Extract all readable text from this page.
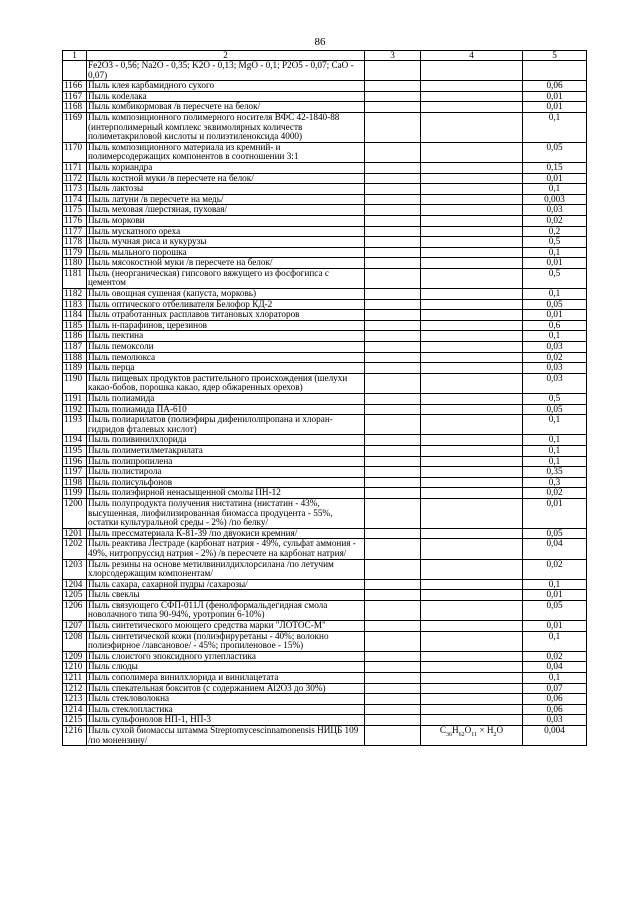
86
1	2	3	4	5
	Fe2O3 - 0,56; Na2O - 0,35; K2O - 0,13; MgO - 0,1; P2O5 - 0,07; CaO - 0,07)			
1166	Пыль клея карбамидного сухого			0,06
1167	Пыль кodeлака			0,01
1168	Пыль комбикормовая /в пересчете на белок/			0,01
1169	Пыль композиционного полимерного носителя ВФС 42-1840-88 (интерполимерный комплекс эквимолярных количеств полиметакриловой кислоты и полиэтиленоксида 4000)			0,1
1170	Пыль композиционного материала из кремний- и полимерсодержащих компонентов в соотношении 3:1			0,05
1171	Пыль кориандра			0,15
1172	Пыль костной муки /в пересчете на белок/			0,01
1173	Пыль лактозы			0,1
1174	Пыль латуни /в пересчете на медь/			0,003
1175	Пыль меховая /шерстяная, пуховая/			0,03
1176	Пыль моркови			0,02
1177	Пыль мускатного ореха			0,2
1178	Пыль мучная риса и кукурузы			0,5
1179	Пыль мыльного порошка			0,1
1180	Пыль мясокостной муки /в пересчете на белок/			0,01
1181	Пыль (неорганическая) гипсового вяжущего из фосфогипса с цементом			0,5
1182	Пыль овощная сушеная (капуста, морковь)			0,1
1183	Пыль оптического отбеливателя Белофор КД-2			0,05
1184	Пыль отработанных расплавов титановых хлораторов			0,01
1185	Пыль н-парафинов, церезинов			0,6
1186	Пыль пектина			0,1
1187	Пыль пемоксоли			0,03
1188	Пыль пемолюкса			0,02
1189	Пыль перца			0,03
1190	Пыль пищевых продуктов растительного происхождения (шелухи какао-бобов, порошка какао, ядер обжаренных орехов)			0,03
1191	Пыль полиамида			0,5
1192	Пыль полиамида ПА-610			0,05
1193	Пыль полиарилатов (полиэфиры дифенилолпропана и хлоран-гидридов фталевых кислот)			0,1
1194	Пыль поливинилхлорида			0,1
1195	Пыль полиметилметакрилата			0,1
1196	Пыль полипропилена			0,1
1197	Пыль полистирола			0,35
1198	Пыль полисульфонов			0,3
1199	Пыль полиэфирной ненасыщенной смолы ПН-12			0,02
1200	Пыль полупродукта получения нистатина (нистатин - 43%, высушенная, лиофилизированная биомасса продуцента - 55%, остатки культуральной среды - 2%) /по белку/			0,01
1201	Пыль прессматериала К-81-39 /по двуокиси кремния/			0,05
1202	Пыль реактива Лестраде (карбонат натрия - 49%, сульфат аммония - 49%, нитропруссид натрия - 2%) /в пересчете на карбонат натрия/			0,04
1203	Пыль резины на основе метилвинилдихлорсилана /по летучим хлорсодержащим компонентам/			0,02
1204	Пыль сахара, сахарной пудры /сахарозы/			0,1
1205	Пыль свеклы			0,01
1206	Пыль связующего СФП-011Л (фенолформальдегидная смола новолачного типа 90-94%, уротропин 6-10%)			0,05
1207	Пыль синтетического моющего средства марки "ЛОТОС-М"			0,01
1208	Пыль синтетической кожи (полиэфируретаны - 40%; волокно полиэфирное /лавсановое/ - 45%; пропиленовое - 15%)			0,1
1209	Пыль слоистого эпоксидного углепластика			0,02
1210	Пыль слюды			0,04
1211	Пыль сополимера винилхлорида и винилацетата			0,1
1212	Пыль спекательная бокситов (с содержанием Al2O3 до 30%)			0,07
1213	Пыль стекловолокна			0,06
1214	Пыль стеклопластика			0,06
1215	Пыль сульфонолов НП-1, НП-3			0,03
1216	Пыль сухой биомассы штамма Streptomycescinnamonensis НИЦБ 109 /по монензину/		$C_{36}H_{62}O_{11} \times H_2O$	0,004
